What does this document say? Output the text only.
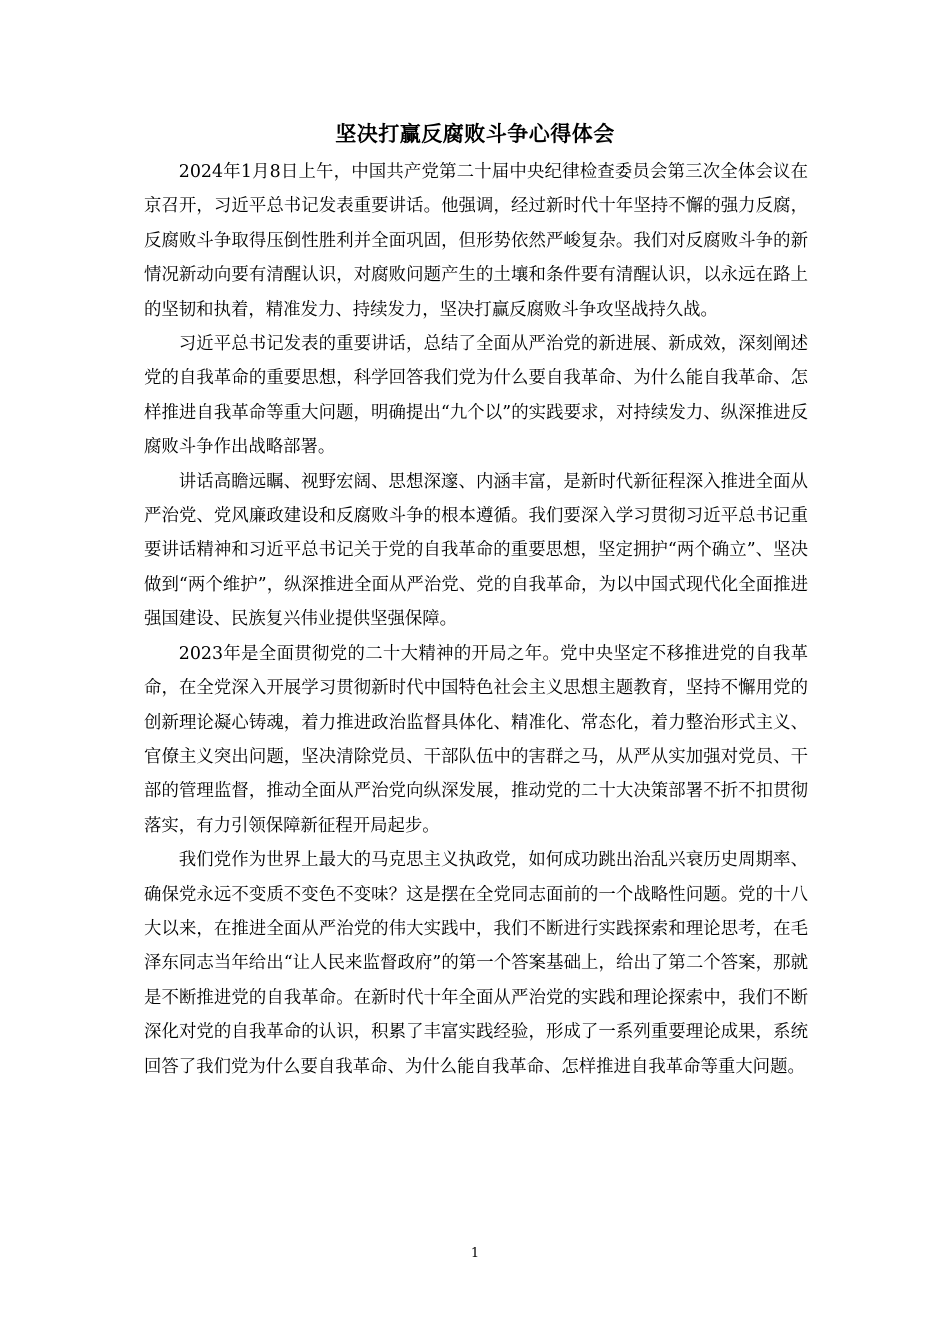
坚决打赢反腐败斗争心得体会

2024年1月8日上午，中国共产党第二十届中央纪律检查委员会第三次全体会议在京召开，习近平总书记发表重要讲话。他强调，经过新时代十年坚持不懈的强力反腐，反腐败斗争取得压倒性胜利并全面巩固，但形势依然严峻复杂。我们对反腐败斗争的新情况新动向要有清醒认识，对腐败问题产生的土壤和条件要有清醒认识，以永远在路上的坚韧和执着，精准发力、持续发力，坚决打赢反腐败斗争攻坚战持久战。

习近平总书记发表的重要讲话，总结了全面从严治党的新进展、新成效，深刻阐述党的自我革命的重要思想，科学回答我们党为什么要自我革命、为什么能自我革命、怎样推进自我革命等重大问题，明确提出“九个以”的实践要求，对持续发力、纵深推进反腐败斗争作出战略部署。

讲话高瞻远瞩、视野宏阔、思想深邃、内涵丰富，是新时代新征程深入推进全面从严治党、党风廉政建设和反腐败斗争的根本遵循。我们要深入学习贯彻习近平总书记重要讲话精神和习近平总书记关于党的自我革命的重要思想，坚定拥护“两个确立”、坚决做到“两个维护”，纵深推进全面从严治党、党的自我革命，为以中国式现代化全面推进强国建设、民族复兴伟业提供坚强保障。

2023年是全面贯彻党的二十大精神的开局之年。党中央坚定不移推进党的自我革命，在全党深入开展学习贯彻新时代中国特色社会主义思想主题教育，坚持不懈用党的创新理论凝心铸魂，着力推进政治监督具体化、精准化、常态化，着力整治形式主义、官僚主义突出问题，坚决清除党员、干部队伍中的害群之马，从严从实加强对党员、干部的管理监督，推动全面从严治党向纵深发展，推动党的二十大决策部署不折不扣贯彻落实，有力引领保障新征程开局起步。

我们党作为世界上最大的马克思主义执政党，如何成功跳出治乱兴衰历史周期率、确保党永远不变质不变色不变味？这是摆在全党同志面前的一个战略性问题。党的十八大以来，在推进全面从严治党的伟大实践中，我们不断进行实践探索和理论思考，在毛泽东同志当年给出“让人民来监督政府”的第一个答案基础上，给出了第二个答案，那就是不断推进党的自我革命。在新时代十年全面从严治党的实践和理论探索中，我们不断深化对党的自我革命的认识，积累了丰富实践经验，形成了一系列重要理论成果，系统回答了我们党为什么要自我革命、为什么能自我革命、怎样推进自我革命等重大问题。

1
